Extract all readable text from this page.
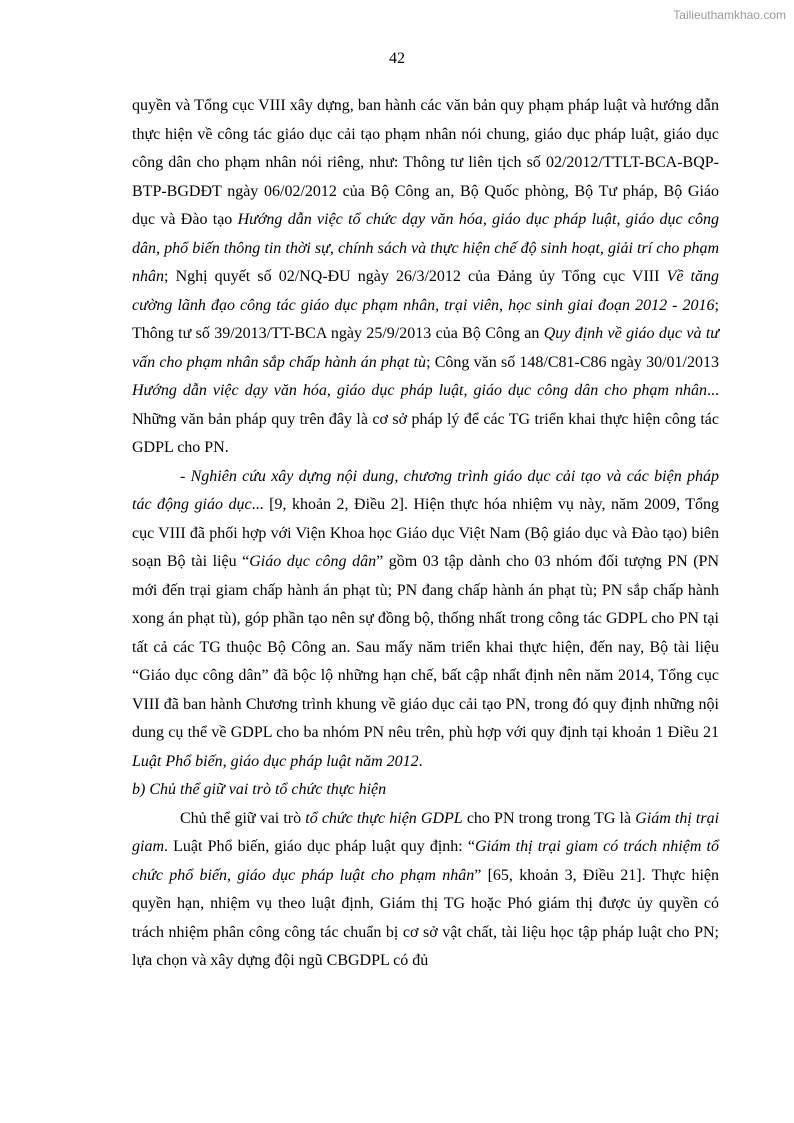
Tailieuthamkhao.com
42

quyền và Tổng cục VIII xây dựng, ban hành các văn bản quy phạm pháp luật và hướng dẫn thực hiện về công tác giáo dục cải tạo phạm nhân nói chung, giáo dục pháp luật, giáo dục công dân cho phạm nhân nói riêng, như: Thông tư liên tịch số 02/2012/TTLT-BCA-BQP-BTP-BGDĐT ngày 06/02/2012 của Bộ Công an, Bộ Quốc phòng, Bộ Tư pháp, Bộ Giáo dục và Đào tạo Hướng dẫn việc tổ chức dạy văn hóa, giáo dục pháp luật, giáo dục công dân, phổ biến thông tin thời sự, chính sách và thực hiện chế độ sinh hoạt, giải trí cho phạm nhân; Nghị quyết số 02/NQ-ĐU ngày 26/3/2012 của Đảng ủy Tổng cục VIII Về tăng cường lãnh đạo công tác giáo dục phạm nhân, trại viên, học sinh giai đoạn 2012 - 2016; Thông tư số 39/2013/TT-BCA ngày 25/9/2013 của Bộ Công an Quy định về giáo dục và tư vấn cho phạm nhân sắp chấp hành án phạt tù; Công văn số 148/C81-C86 ngày 30/01/2013 Hướng dẫn việc dạy văn hóa, giáo dục pháp luật, giáo dục công dân cho phạm nhân... Những văn bản pháp quy trên đây là cơ sở pháp lý để các TG triển khai thực hiện công tác GDPL cho PN.

- Nghiên cứu xây dựng nội dung, chương trình giáo dục cải tạo và các biện pháp tác động giáo dục... [9, khoản 2, Điều 2]. Hiện thực hóa nhiệm vụ này, năm 2009, Tổng cục VIII đã phối hợp với Viện Khoa học Giáo dục Việt Nam (Bộ giáo dục và Đào tạo) biên soạn Bộ tài liệu “Giáo dục công dân” gồm 03 tập dành cho 03 nhóm đối tượng PN (PN mới đến trại giam chấp hành án phạt tù; PN đang chấp hành án phạt tù; PN sắp chấp hành xong án phạt tù), góp phần tạo nên sự đồng bộ, thống nhất trong công tác GDPL cho PN tại tất cả các TG thuộc Bộ Công an. Sau mấy năm triển khai thực hiện, đến nay, Bộ tài liệu “Giáo dục công dân” đã bộc lộ những hạn chế, bất cập nhất định nên năm 2014, Tổng cục VIII đã ban hành Chương trình khung về giáo dục cải tạo PN, trong đó quy định những nội dung cụ thể về GDPL cho ba nhóm PN nêu trên, phù hợp với quy định tại khoản 1 Điều 21 Luật Phổ biến, giáo dục pháp luật năm 2012.

b) Chủ thể giữ vai trò tổ chức thực hiện

Chủ thể giữ vai trò tổ chức thực hiện GDPL cho PN trong trong TG là Giám thị trại giam. Luật Phổ biến, giáo dục pháp luật quy định: “Giám thị trại giam có trách nhiệm tổ chức phổ biến, giáo dục pháp luật cho phạm nhân” [65, khoản 3, Điều 21]. Thực hiện quyền hạn, nhiệm vụ theo luật định, Giám thị TG hoặc Phó giám thị được ủy quyền có trách nhiệm phân công công tác chuẩn bị cơ sở vật chất, tài liệu học tập pháp luật cho PN; lựa chọn và xây dựng đội ngũ CBGDPL có đủ
